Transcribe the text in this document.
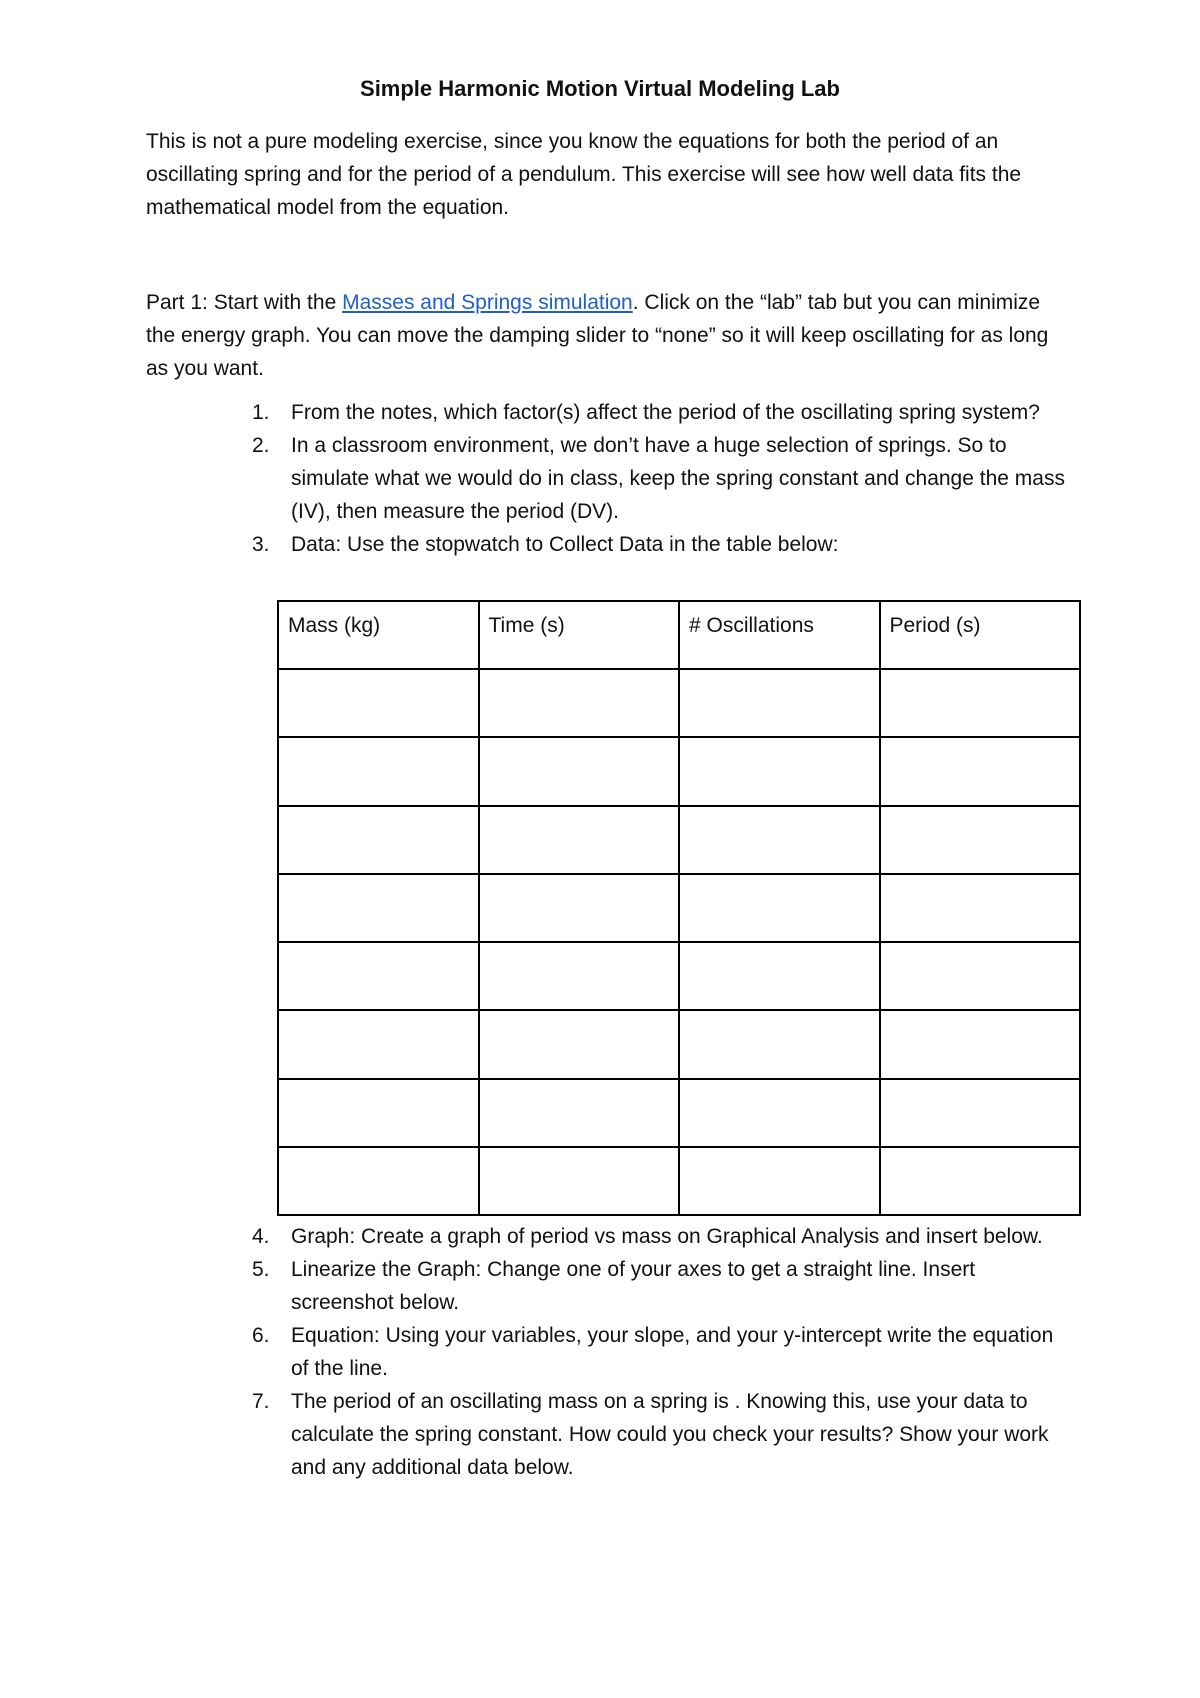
Simple Harmonic Motion Virtual Modeling Lab
This is not a pure modeling exercise, since you know the equations for both the period of an oscillating spring and for the period of a pendulum. This exercise will see how well data fits the mathematical model from the equation.
Part 1: Start with the Masses and Springs simulation. Click on the “lab” tab but you can minimize the energy graph. You can move the damping slider to “none” so it will keep oscillating for as long as you want.
1. From the notes, which factor(s) affect the period of the oscillating spring system?
2. In a classroom environment, we don’t have a huge selection of springs. So to simulate what we would do in class, keep the spring constant and change the mass (IV), then measure the period (DV).
3. Data: Use the stopwatch to Collect Data in the table below:
Mass (kg)	Time (s)	# Oscillations	Period (s)

4. Graph: Create a graph of period vs mass on Graphical Analysis and insert below.
5. Linearize the Graph: Change one of your axes to get a straight line. Insert screenshot below.
6. Equation: Using your variables, your slope, and your y-intercept write the equation of the line.
7. The period of an oscillating mass on a spring is . Knowing this, use your data to calculate the spring constant. How could you check your results? Show your work and any additional data below.
